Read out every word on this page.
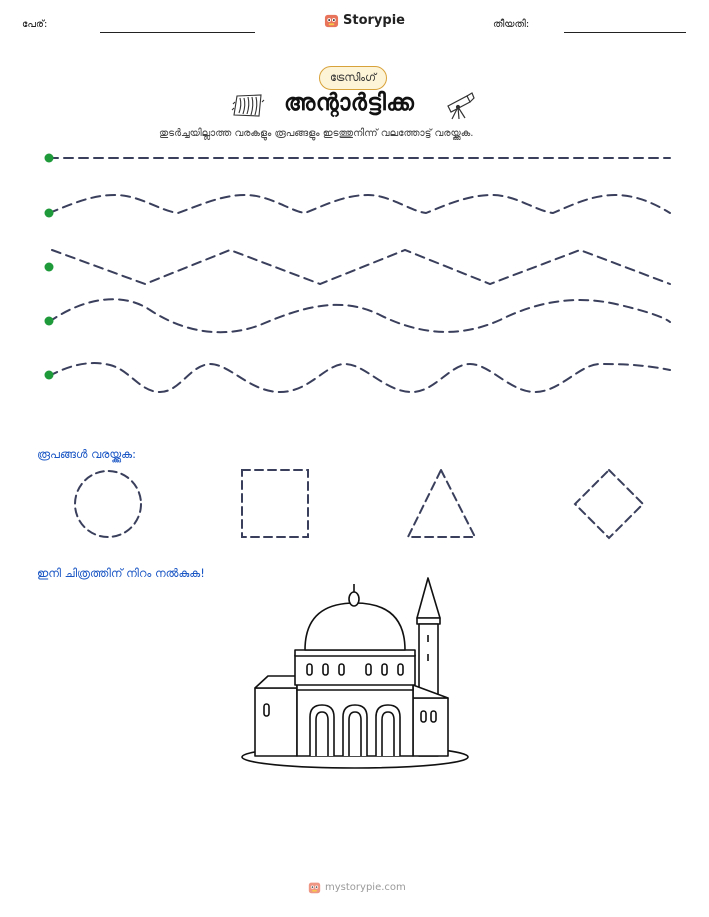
പേര്:	Storypie	തീയതി:
ട്രേസിംഗ്
അന്റാർട്ടിക്ക
തുടർച്ചയില്ലാത്ത വരകളും രൂപങ്ങളും ഇടത്തുനിന്ന് വലത്തോട്ട് വരയ്ക്കുക.
രൂപങ്ങൾ വരയ്ക്കുക:
ഇനി ചിത്രത്തിന് നിറം നൽകുക!
mystorypie.com
